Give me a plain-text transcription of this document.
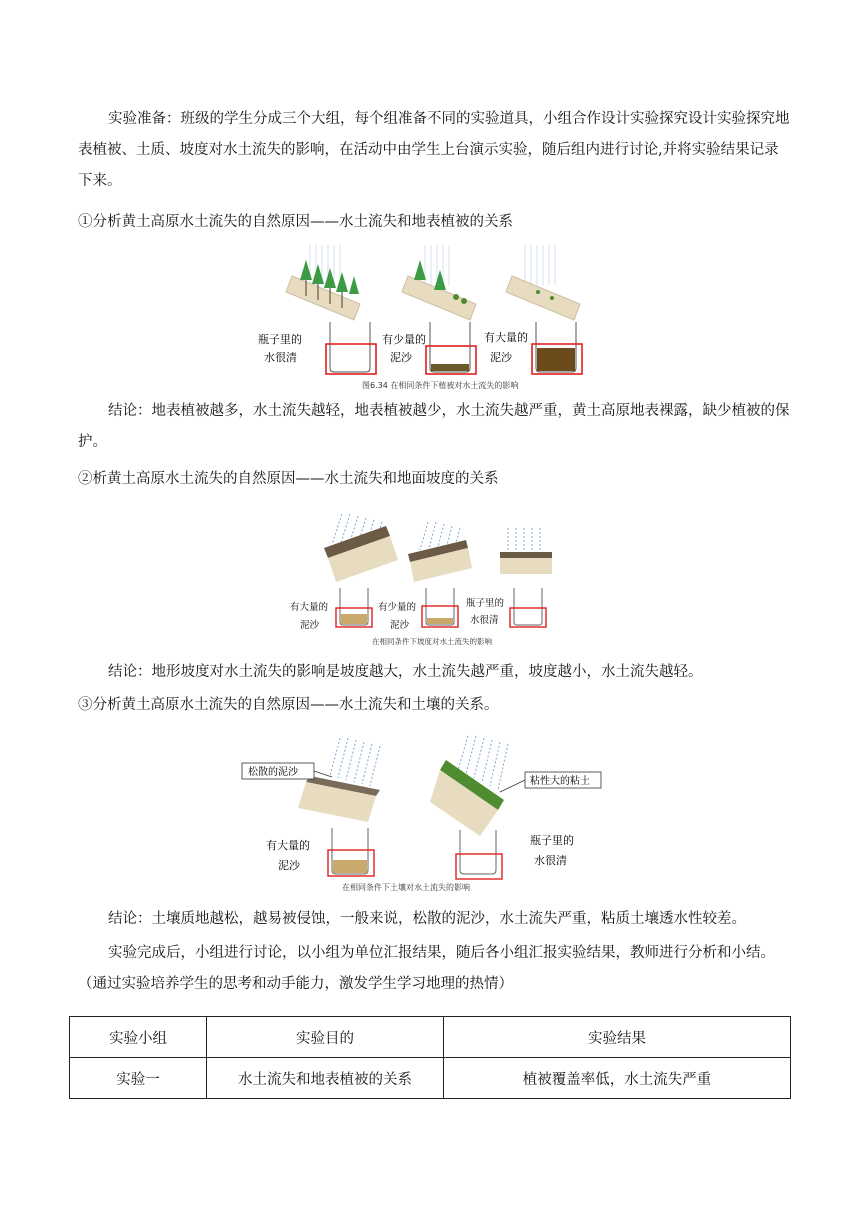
实验准备：班级的学生分成三个大组，每个组准备不同的实验道具，小组合作设计实验探究设计实验探究地表植被、土质、坡度对水土流失的影响，在活动中由学生上台演示实验，随后组内进行讨论,并将实验结果记录下来。

①分析黄土高原水土流失的自然原因——水土流失和地表植被的关系

瓶子里的
水很清
有少量的
泥沙
有大量的
泥沙
图6.34 在相同条件下植被对水土流失的影响

结论：地表植被越多，水土流失越轻，地表植被越少，水土流失越严重，黄土高原地表裸露，缺少植被的保护。

②析黄土高原水土流失的自然原因——水土流失和地面坡度的关系

有大量的
泥沙
有少量的
泥沙
瓶子里的
水很清
在相同条件下坡度对水土流失的影响

结论：地形坡度对水土流失的影响是坡度越大，水土流失越严重，坡度越小，水土流失越轻。

③分析黄土高原水土流失的自然原因——水土流失和土壤的关系。

松散的泥沙
粘性大的粘土
有大量的
泥沙
瓶子里的
水很清
在相同条件下土壤对水土流失的影响

结论：土壤质地越松，越易被侵蚀，一般来说，松散的泥沙，水土流失严重，粘质土壤透水性较差。

实验完成后，小组进行讨论，以小组为单位汇报结果，随后各小组汇报实验结果，教师进行分析和小结。（通过实验培养学生的思考和动手能力，激发学生学习地理的热情）

实验小组	实验目的	实验结果
实验一	水土流失和地表植被的关系	植被覆盖率低，水土流失严重
